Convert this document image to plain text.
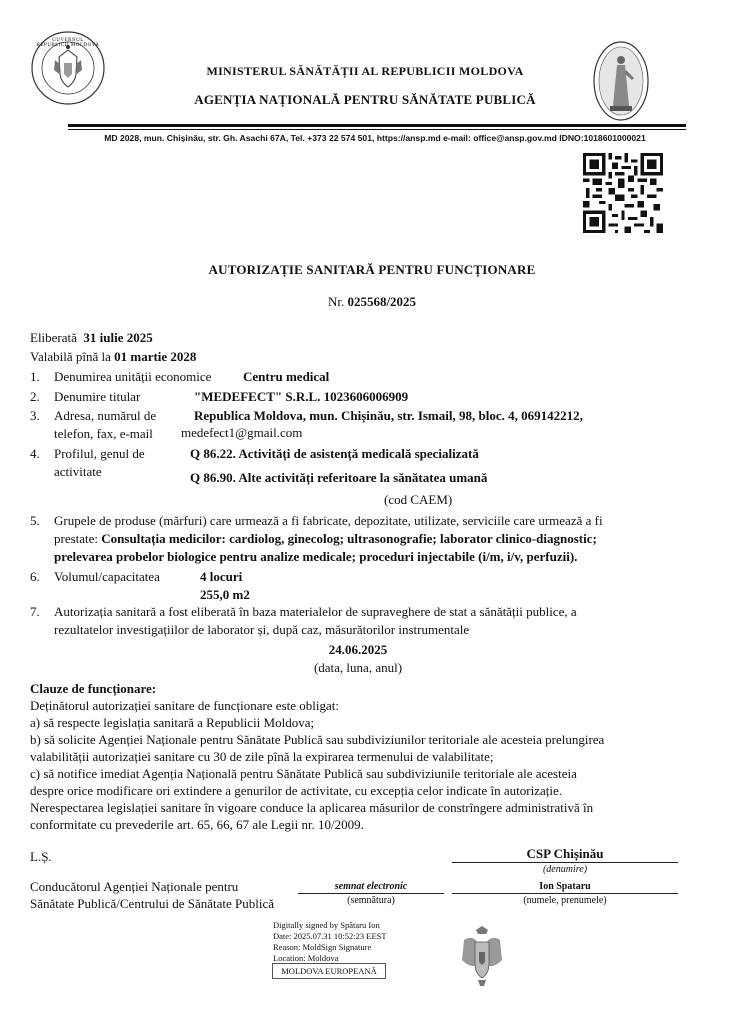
GUVERNUL REPUBLICII MOLDOVA
MINISTERUL SĂNĂTĂȚII AL REPUBLICII MOLDOVA
AGENȚIA NAȚIONALĂ PENTRU SĂNĂTATE PUBLICĂ
MD 2028, mun. Chișinău, str. Gh. Asachi 67A, Tel. +373 22 574 501, https://ansp.md e-mail: office@ansp.gov.md IDNO:1018601000021
AUTORIZAȚIE SANITARĂ PENTRU FUNCȚIONARE
Nr. 025568/2025
Eliberată 31 iulie 2025
Valabilă pînă la 01 martie 2028
1. Denumirea unității economice Centru medical
2. Denumire titular	"MEDEFECT" S.R.L. 1023606006909
3. Adresa, numărul de
telefon, fax, e-mail
Republica Moldova, mun. Chișinău, str. Ismail, 98, bloc. 4, 069142212,
medefect1@gmail.com
4. Profilul, genul de
activitate
Q 86.22. Activități de asistență medicală specializată
Q 86.90. Alte activități referitoare la sănătatea umană
(cod CAEM)
5. Grupele de produse (mărfuri) care urmează a fi fabricate, depozitate, utilizate, serviciile care urmează a fi
prestate: Consultația medicilor: cardiolog, ginecolog; ultrasonografie; laborator clinico-diagnostic;
prelevarea probelor biologice pentru analize medicale; proceduri injectabile (i/m, i/v, perfuzii).
6. Volumul/capacitatea	4 locuri
255,0 m2
7. Autorizația sanitară a fost eliberată în baza materialelor de supraveghere de stat a sănătății publice, a
rezultatelor investigațiilor de laborator și, după caz, măsurătorilor instrumentale
24.06.2025
(data, luna, anul)
Clauze de funcționare:
Deținătorul autorizației sanitare de funcționare este obligat:
a) să respecte legislația sanitară a Republicii Moldova;
b) să solicite Agenției Naționale pentru Sănătate Publică sau subdiviziunilor teritoriale ale acesteia prelungirea
valabilității autorizației sanitare cu 30 de zile pînă la expirarea termenului de valabilitate;
c) să notifice imediat Agenția Națională pentru Sănătate Publică sau subdiviziunile teritoriale ale acesteia
despre orice modificare ori extindere a genurilor de activitate, cu excepția celor indicate în autorizație.
Nerespectarea legislației sanitare în vigoare conduce la aplicarea măsurilor de constrîngere administrativă în
conformitate cu prevederile art. 65, 66, 67 ale Legii nr. 10/2009.
L.Ș.	CSP Chișinău
(denumire)
Conducătorul Agenției Naționale pentru
Sănătate Publică/Centrului de Sănătate Publică
semnat electronic
(semnătura)
Ion Spataru
(numele, prenumele)
Digitally signed by Spătaru Ion
Date: 2025.07.31 10:52:23 EEST
Reason: MoldSign Signature
Location: Moldova
MOLDOVA EUROPEANĂ
